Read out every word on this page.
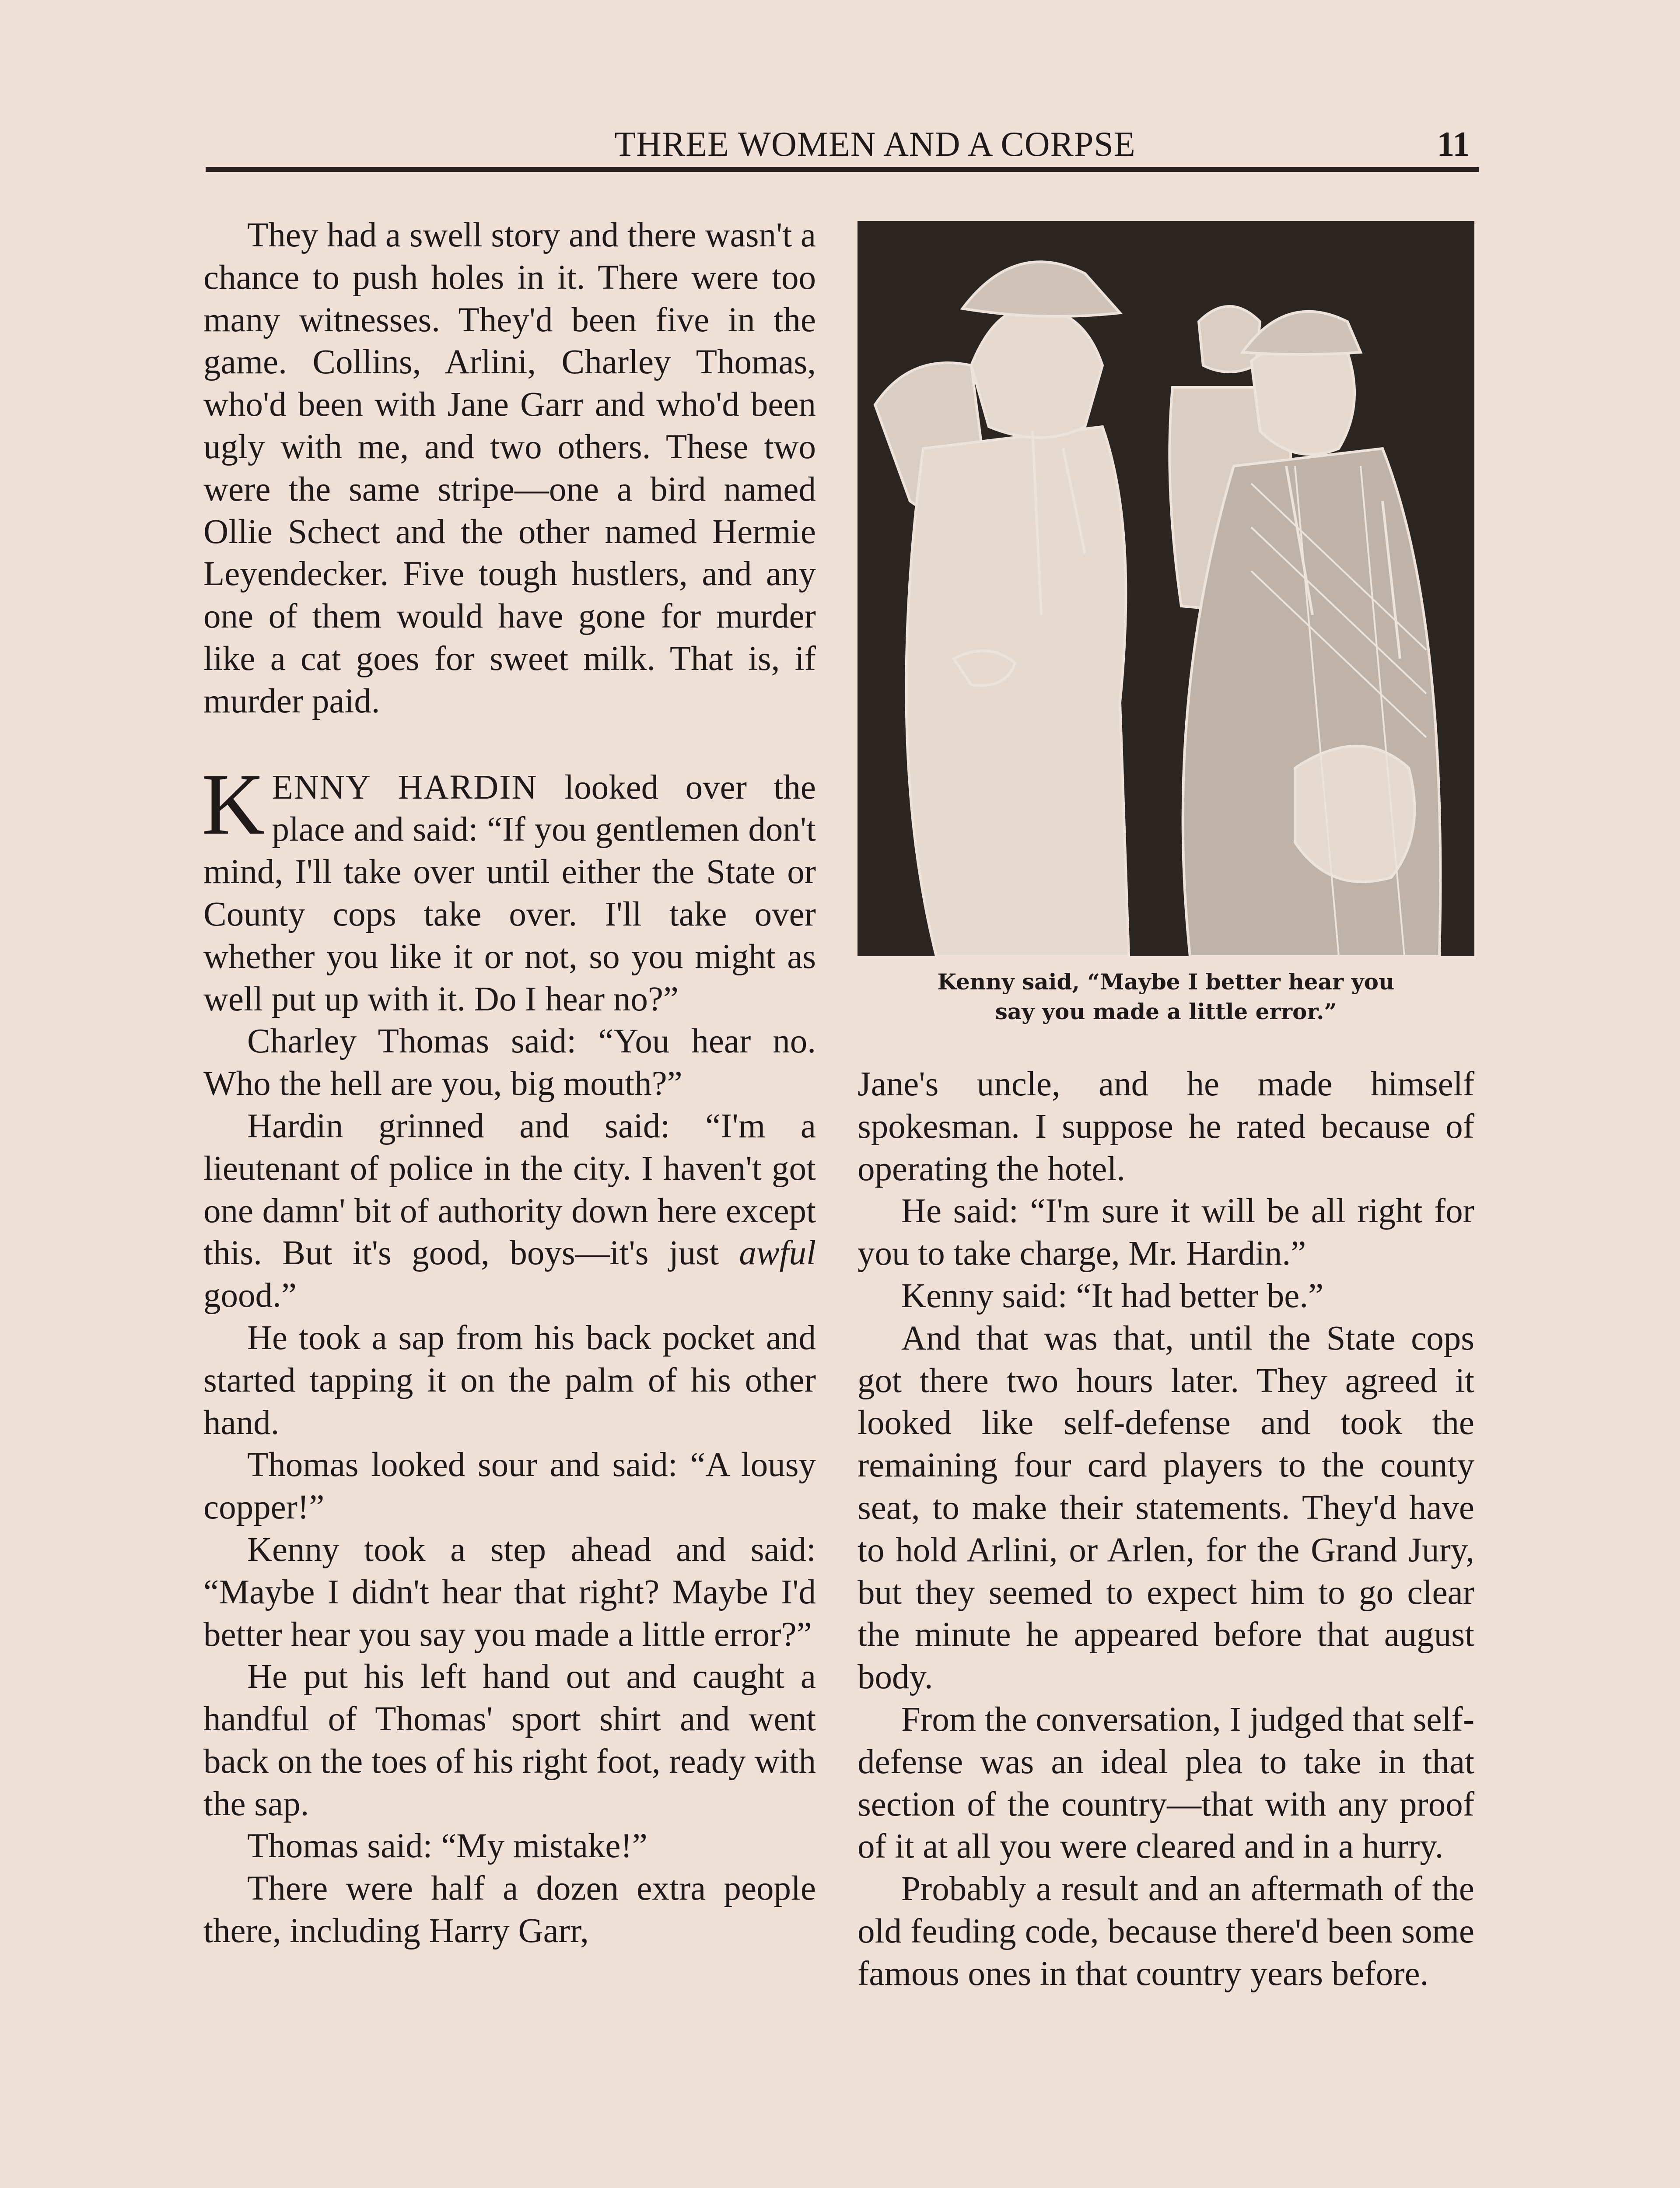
THREE WOMEN AND A CORPSE	11

They had a swell story and there wasn't a chance to push holes in it. There were too many witnesses. They'd been five in the game. Collins, Arlini, Charley Thomas, who'd been with Jane Garr and who'd been ugly with me, and two others. These two were the same stripe—one a bird named Ollie Schect and the other named Hermie Leyendecker. Five tough hustlers, and any one of them would have gone for murder like a cat goes for sweet milk. That is, if murder paid.

KENNY HARDIN looked over the place and said: “If you gentlemen don't mind, I'll take over until either the State or County cops take over. I'll take over whether you like it or not, so you might as well put up with it. Do I hear no?”

Charley Thomas said: “You hear no. Who the hell are you, big mouth?”

Hardin grinned and said: “I'm a lieutenant of police in the city. I haven't got one damn' bit of authority down here except this. But it's good, boys—it's just awful good.”

He took a sap from his back pocket and started tapping it on the palm of his other hand.

Thomas looked sour and said: “A lousy copper!”

Kenny took a step ahead and said: “Maybe I didn't hear that right? Maybe I'd better hear you say you made a little error?”

He put his left hand out and caught a handful of Thomas' sport shirt and went back on the toes of his right foot, ready with the sap.

Thomas said: “My mistake!”

There were half a dozen extra people there, including Harry Garr,

Kenny said, “Maybe I better hear you
say you made a little error.”

Jane's uncle, and he made himself spokesman. I suppose he rated because of operating the hotel.

He said: “I'm sure it will be all right for you to take charge, Mr. Hardin.”

Kenny said: “It had better be.”

And that was that, until the State cops got there two hours later. They agreed it looked like self-defense and took the remaining four card players to the county seat, to make their statements. They'd have to hold Arlini, or Arlen, for the Grand Jury, but they seemed to expect him to go clear the minute he appeared before that august body.

From the conversation, I judged that self-defense was an ideal plea to take in that section of the country—that with any proof of it at all you were cleared and in a hurry.

Probably a result and an aftermath of the old feuding code, because there'd been some famous ones in that country years before.
